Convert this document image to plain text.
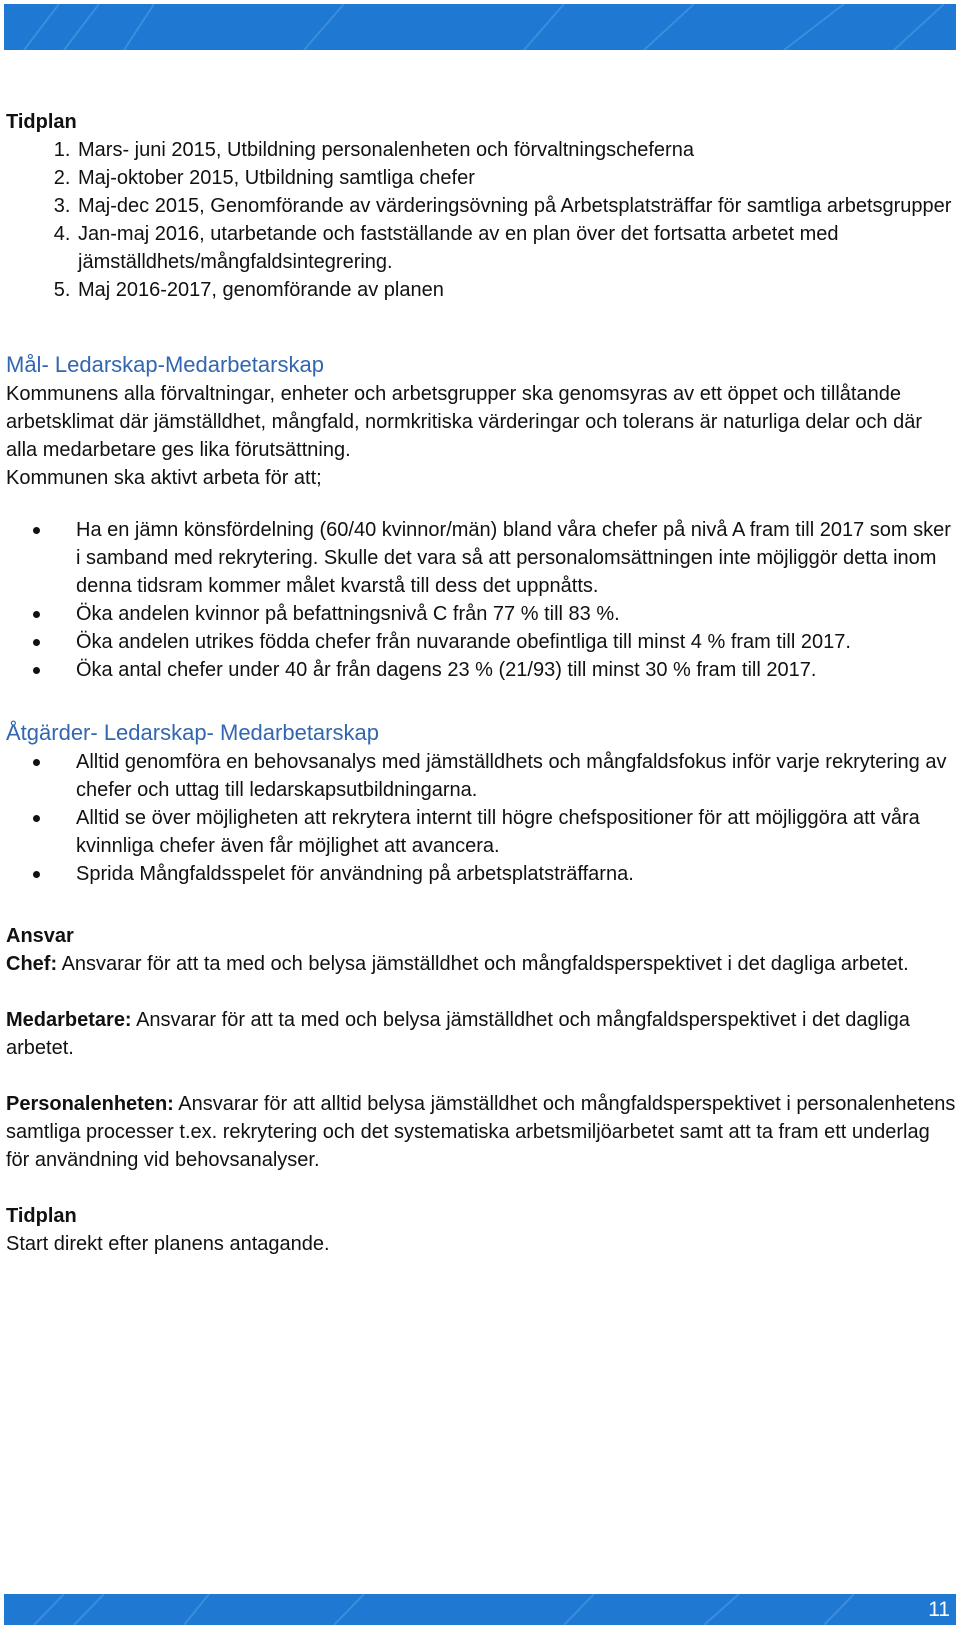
Tidplan

1. Mars- juni 2015, Utbildning personalenheten och förvaltningscheferna
2. Maj-oktober 2015, Utbildning samtliga chefer
3. Maj-dec 2015, Genomförande av värderingsövning på Arbetsplatsträffar för samtliga arbetsgrupper
4. Jan-maj 2016, utarbetande och fastställande av en plan över det fortsatta arbetet med jämställdhets/mångfaldsintegrering.
5. Maj 2016-2017, genomförande av planen

Mål- Ledarskap-Medarbetarskap

Kommunens alla förvaltningar, enheter och arbetsgrupper ska genomsyras av ett öppet och tillåtande arbetsklimat där jämställdhet, mångfald, normkritiska värderingar och tolerans är naturliga delar och där alla medarbetare ges lika förutsättning.

Kommunen ska aktivt arbeta för att;

Ha en jämn könsfördelning (60/40 kvinnor/män) bland våra chefer på nivå A fram till 2017 som sker i samband med rekrytering. Skulle det vara så att personalomsättningen inte möjliggör detta inom denna tidsram kommer målet kvarstå till dess det uppnåtts.
Öka andelen kvinnor på befattningsnivå C från 77 % till 83 %.
Öka andelen utrikes födda chefer från nuvarande obefintliga till minst 4 % fram till 2017.
Öka antal chefer under 40 år från dagens 23 % (21/93) till minst 30 % fram till 2017.

Åtgärder- Ledarskap- Medarbetarskap

Alltid genomföra en behovsanalys med jämställdhets och mångfaldsfokus inför varje rekrytering av chefer och uttag till ledarskapsutbildningarna.
Alltid se över möjligheten att rekrytera internt till högre chefspositioner för att möjliggöra att våra kvinnliga chefer även får möjlighet att avancera.
Sprida Mångfaldsspelet för användning på arbetsplatsträffarna.

Ansvar

Chef: Ansvarar för att ta med och belysa jämställdhet och mångfaldsperspektivet i det dagliga arbetet.

Medarbetare: Ansvarar för att ta med och belysa jämställdhet och mångfaldsperspektivet i det dagliga arbetet.

Personalenheten: Ansvarar för att alltid belysa jämställdhet och mångfaldsperspektivet i personalenhetens samtliga processer t.ex. rekrytering och det systematiska arbetsmiljöarbetet samt att ta fram ett underlag för användning vid behovsanalyser.

Tidplan

Start direkt efter planens antagande.

11
